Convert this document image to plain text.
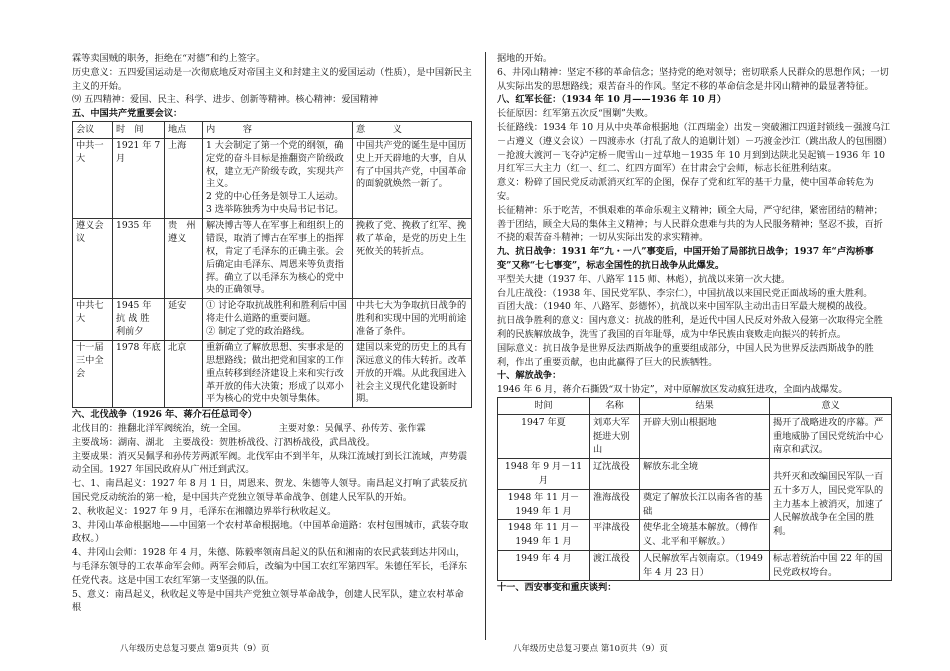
霖等卖国贼的职务，拒绝在“对德”和约上签字。

历史意义：五四爱国运动是一次彻底地反对帝国主义和封建主义的爱国运动（性质），是中国新民主主义的开始。

⑼ 五四精神：爱国、民主、科学、进步、创新等精神。核心精神：爱国精神

五、中国共产党重要会议：

会议	时　间	地点	内　　　容	意　　　义
中共一大	1921 年 7月	上海	1 大会制定了第一个党的纲领，确定党的奋斗目标是推翻资产阶级政权，建立无产阶级专政，实现共产主义。
2 党的中心任务是领导工人运动。
3 选举陈独秀为中央局书记书记。	中国共产党的诞生是中国历史上开天辟地的大事，自从有了中国共产党，中国革命的面貌就焕然一新了。
遵义会议	1935 年	贵　州 遵义	解决博古等人在军事上和组织上的错误，取消了博古在军事上的指挥权，肯定了毛泽东的正确主张。会后确定由毛泽东、周恩来等负责指挥。确立了以毛泽东为核心的党中央的正确领导。	挽救了党、挽救了红军、挽救了革命，是党的历史上生死攸关的转折点。
中共七大	1945 年 抗 战 胜 利前夕	延安	① 讨论夺取抗战胜利和胜利后中国将走什么道路的重要问题。
② 制定了党的政治路线。	中共七大为争取抗日战争的胜利和实现中国的光明前途准备了条件。
十一届三中全会	1978 年底	北京	重新确立了解放思想、实事求是的思想路线；做出把党和国家的工作重点转移到经济建设上来和实行改革开放的伟大决策；形成了以邓小平为核心的党中央领导集体。	建国以来党的历史上的具有深远意义的伟大转折。改革开放的开端。从此我国进入社会主义现代化建设新时期。

六、北伐战争（1926 年、蒋介石任总司令）

北伐目的：推翻北洋军阀统治，统一全国。　　　　主要对象：吴佩孚、孙传芳、张作霖

主要战场：湖南、湖北　主要战役：贺胜桥战役、汀泗桥战役，武昌战役。

主要成果：消灭吴佩孚和孙传芳两派军阀。北伐军由不到半年，从珠江流域打到长江流域，声势震动全国。1927 年国民政府从广州迁到武汉。

七、1、南昌起义：1927 年 8 月 1 日，周恩来、贺龙、朱德等人领导。南昌起义打响了武装反抗国民党反动统治的第一枪，是中国共产党独立领导革命战争、创建人民军队的开始。

2、秋收起义：1927 年 9 月，毛泽东在湘赣边界举行秋收起义。

3、井冈山革命根据地——中国第一个农村革命根据地。（中国革命道路：农村包围城市，武装夺取政权。）

4、井冈山会师：1928 年 4 月，朱德、陈毅率领南昌起义的队伍和湘南的农民武装到达井冈山，与毛泽东领导的工农革命军会师。两军会师后，改编为中国工农红军第四军。朱德任军长，毛泽东任党代表。这是中国工农红军第一支坚强的队伍。

5、意义：南昌起义，秋收起义等是中国共产党独立领导革命战争，创建人民军队，建立农村革命根

据地的开始。

6、井冈山精神：坚定不移的革命信念；坚持党的绝对领导；密切联系人民群众的思想作风；一切从实际出发的思想路线；艰苦奋斗的作风。坚定不移的革命信念是井冈山精神的最显著特征。

八、红军长征：（1934 年 10 月——1936 年 10 月）

长征原因：红军第五次反“围剿”失败。

长征路线：1934 年 10 月从中央革命根据地（江西瑞金）出发－突破湘江四道封锁线－强渡乌江－占遵义（遵义会议）－四渡赤水（打乱了敌人的追剿计划）－巧渡金沙江（跳出敌人的包围圈）－抢渡大渡河－飞夺泸定桥－爬雪山－过草地－1935 年 10 月到到达陕北吴起镇－1936 年 10 月红军三大主力（红一、红二、红四方面军）在甘肃会宁会师，标志长征胜利结束。

意义：粉碎了国民党反动派消灭红军的企图，保存了党和红军的基干力量，使中国革命转危为安。

长征精神：乐于吃苦，不惧艰难的革命乐观主义精神；顾全大局，严守纪律，紧密团结的精神；善于团结，顾全大局的集体主义精神；与人民群众患难与共的为人民服务精神；坚忍不拔，百折不挠的艰苦奋斗精神；一切从实际出发的求实精神。

九、抗日战争：1931 年“九・一八”事变后，中国开始了局部抗日战争；1937 年“卢沟桥事变”又称“七七事变”，标志全国性的抗日战争从此爆发。

平型关大捷（1937 年、八路军 115 师、林彪），抗战以来第一次大捷。

台儿庄战役：（1938 年、国民党军队、李宗仁），中国抗战以来国民党正面战场的重大胜利。

百团大战：（1940 年、八路军、彭德怀），抗战以来中国军队主动出击日军最大规模的战役。

抗日战争胜利的意义：国内意义：抗战的胜利，是近代中国人民反对外敌入侵第一次取得完全胜利的民族解放战争，洗雪了我国的百年耻辱，成为中华民族由衰败走向振兴的转折点。

国际意义：抗日战争是世界反法西斯战争的重要组成部分，中国人民为世界反法西斯战争的胜利，作出了重要贡献，也由此赢得了巨大的民族牺牲。

十、解放战争：

1946 年 6 月，蒋介石撕毁“双十协定”，对中原解放区发动疯狂进攻，全面内战爆发。

时间	名称	结果	意义
1947 年夏	刘邓大军挺进大别山	开辟大别山根据地	揭开了战略进攻的序幕。严重地威胁了国民党统治中心南京和武汉。
1948 年 9 月－11 月	辽沈战役	解放东北全境	共歼灭和改编国民军队一百五十多万人，国民党军队的主力基本上被消灭，加速了人民解放战争在全国的胜利。
1948 年 11 月－1949 年 1 月	淮海战役	奠定了解放长江以南各省的基础	
1948 年 11 月－1949 年 1 月	平津战役	使华北全境基本解放。（傅作义、北平和平解放。）	
1949 年 4 月	渡江战役	人民解放军占领南京。（1949 年 4 月 23 日）	标志着统治中国 22 年的国民党政权垮台。

十一、西安事变和重庆谈判：

八年级历史总复习要点 第9页共（9）页	八年级历史总复习要点 第10页共（9）页
